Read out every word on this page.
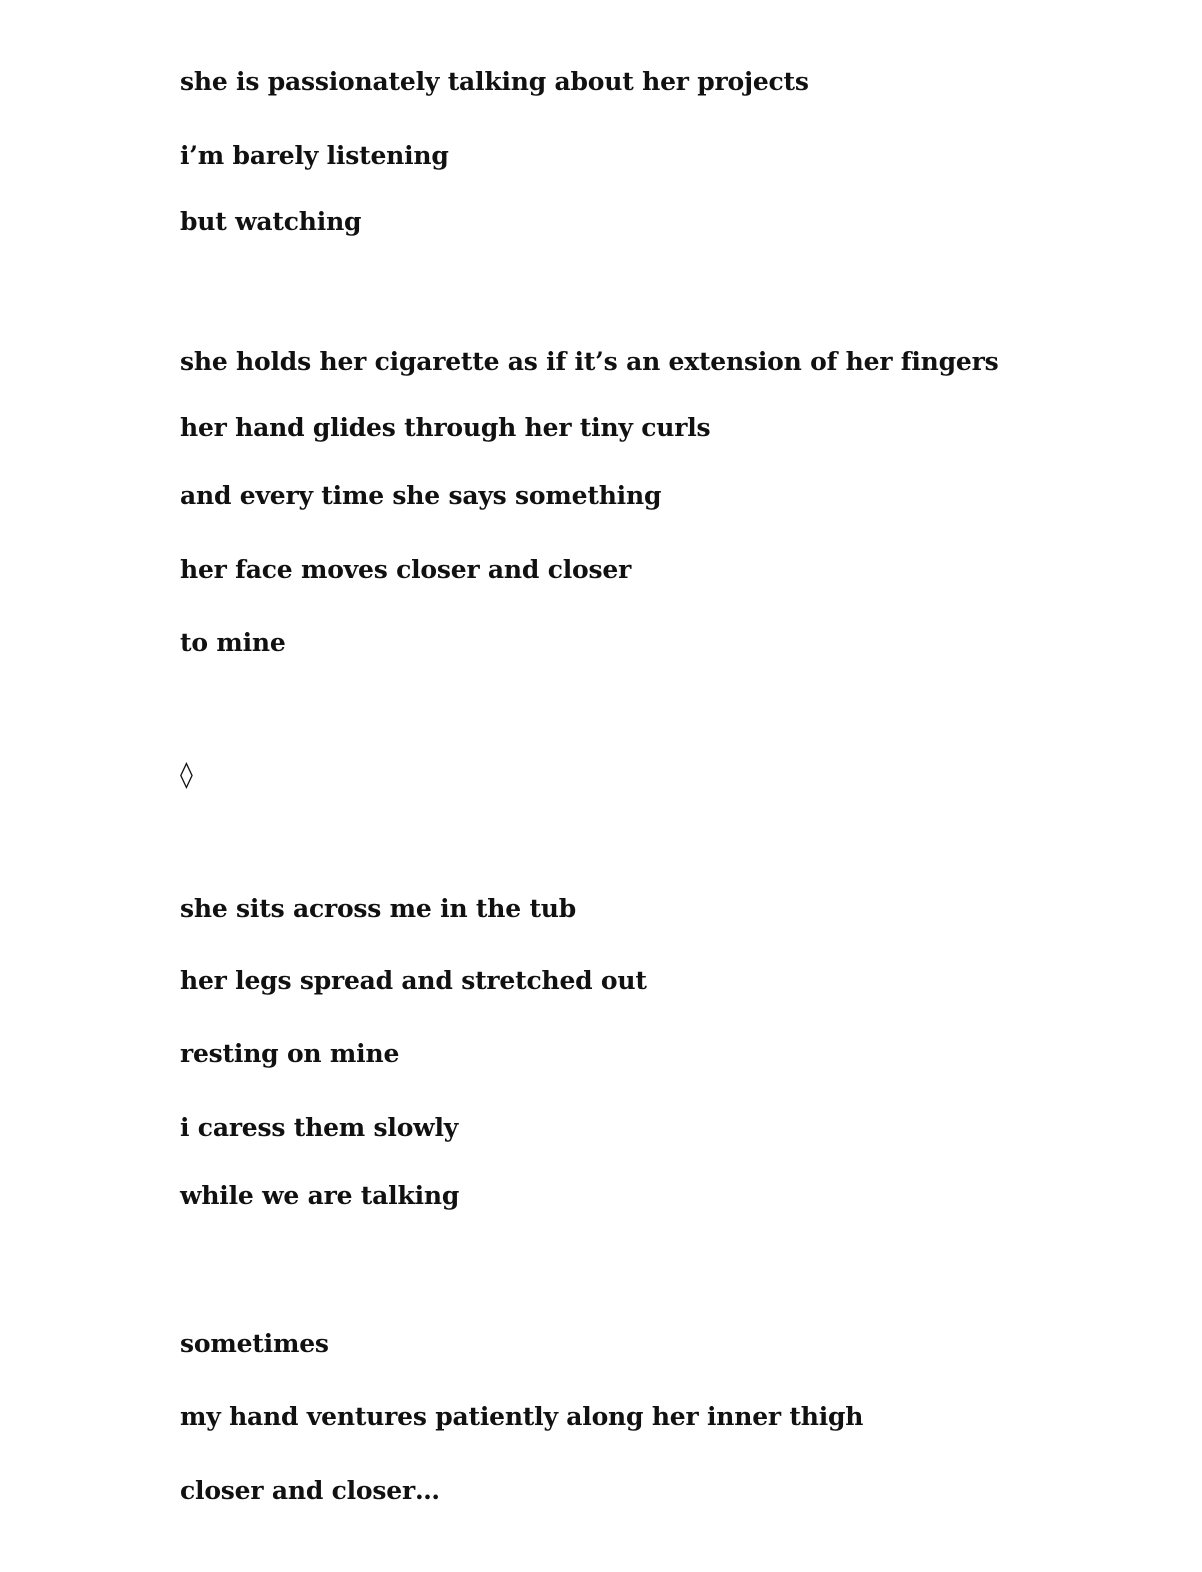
she is passionately talking about her projects

i’m barely listening

but watching

she holds her cigarette as if it’s an extension of her fingers

her hand glides through her tiny curls

and every time she says something

her face moves closer and closer

to mine

◊

she sits across me in the tub

her legs spread and stretched out

resting on mine

i caress them slowly

while we are talking

sometimes

my hand ventures patiently along her inner thigh

closer and closer…
